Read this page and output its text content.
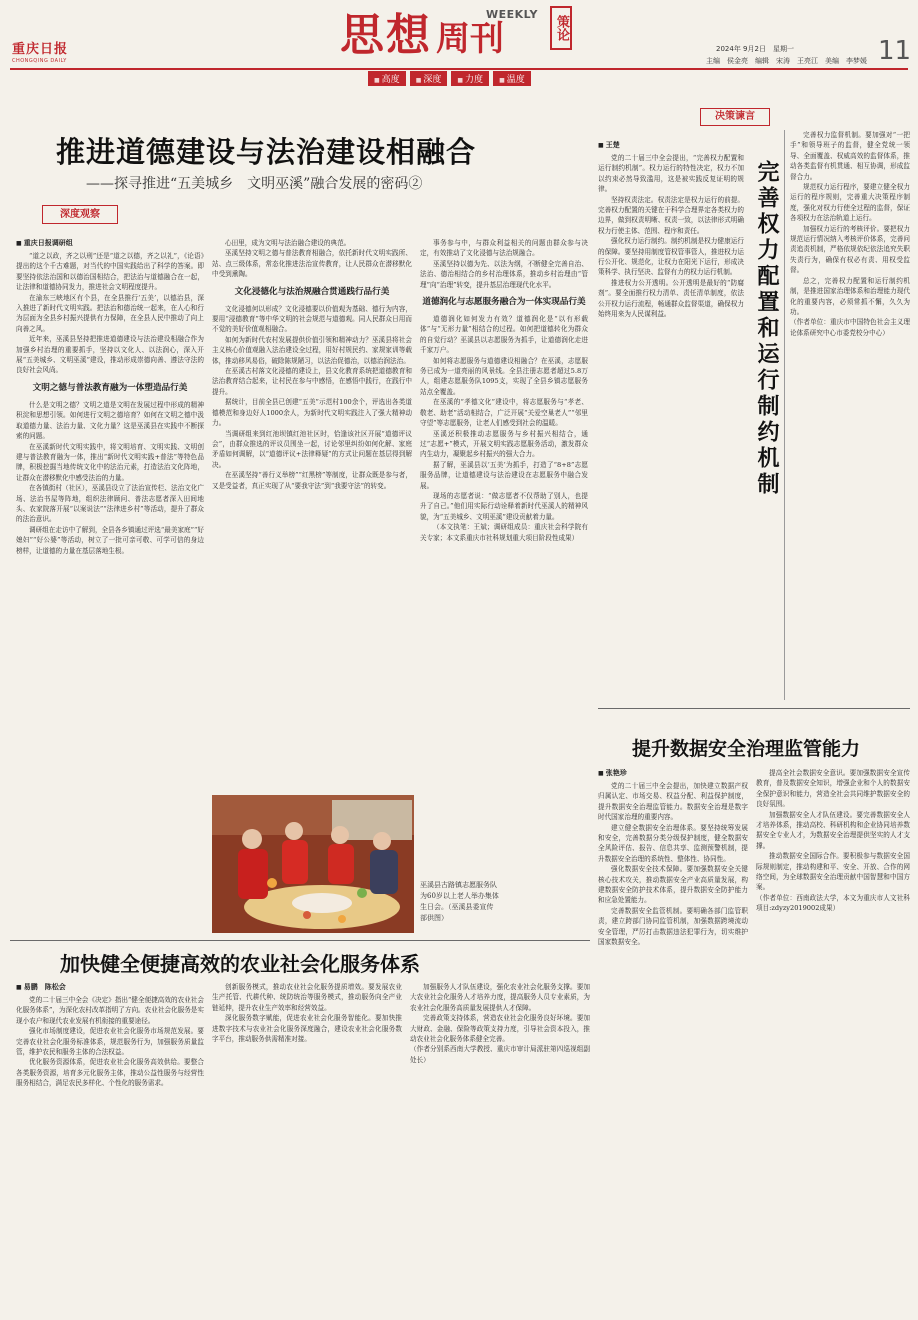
重庆日报
CHONGQING DAILY	思想 周刊
WEEKLY
策论
2024年 9月2日　星期一
主编　侯金亮　编辑　宋涛　王亮江　美编　李梦媛 11
■ 高度	■ 深度	■ 力度	■ 温度
推进道德建设与法治建设相融合
——探寻推进“五美城乡　文明巫溪”融合发展的密码②
深度观察
■ 重庆日报调研组

“道之以政，齐之以刑”还是“道之以德，齐之以礼”，《论语》提出的这个千古难题，对当代的中国实践给出了科学的答案。即要坚持依法治国和以德治国相结合，把法治与道德融合在一起，让法律和道德协同发力，推进社会文明程度提升。

在渝东三峡地区有个县，在全县推行‘五美’，以德治县，深入推进了新时代文明实践。把法治和德治统一起来，在人心和行为层面为全县乡村振兴提供有力保障，在全县人民中推动了向上向善之风。

近年来，巫溪县坚持把推进道德建设与法治建设相融合作为加强乡村治理的重要抓手，坚持以文化人、以法润心，深入开展“五美城乡、文明巫溪”建设，推动形成崇德向善、遵法守法的良好社会风尚。

文明之德与普法教育融为一体塑造品行美

什么是文明之德？文明之道是文明在发展过程中形成的精神积淀和思想引领。如何进行文明之德培育？如何在文明之德中汲取道德力量、法治力量、文化力量？这是巫溪县在实践中不断探索的问题。

在巫溪新时代文明实践中，将文明培育、文明实践、文明创建与普法教育融为一体，推出“新时代文明实践+普法”等特色品牌，积极挖掘当地传统文化中的法治元素，打造法治文化阵地，让群众在潜移默化中感受法治的力量。

在各镇街村（社区），巫溪县设立了法治宣传栏、法治文化广场、法治书屋等阵地，组织法律顾问、普法志愿者深入田间地头、农家院落开展“以案说法”“法律进乡村”等活动，提升了群众的法治意识。

调研组在走访中了解到，全县各乡镇通过评选“最美家庭”“好媳妇”“好公婆”等活动，树立了一批可亲可敬、可学可信的身边榜样，让道德的力量在基层落地生根。

心田里，成为文明与法治融合建设的典范。

巫溪坚持文明之德与普法教育相融合，依托新时代文明实践所、站、点三级体系，常态化推进法治宣传教育，让人民群众在潜移默化中受到熏陶。

文化浸德化与法治规融合贯通践行品行美

文化浸德何以形成？文化浸德要以价值观为基础、德行为内容，要用“浸德教育”等中华文明的社会规范与道德观。同人民群众日用而不觉的美好价值观相融合。

如何为新时代农村发展提供价值引领和精神动力？巫溪县将社会主义核心价值观融入法治建设全过程，用好村规民约、家规家训等载体，推动移风易俗，破除陈规陋习，以法治促德治，以德治润法治。

在巫溪古村落文化浸德的建设上，县文化教育系统把道德教育和法治教育结合起来，让村民在参与中感悟，在感悟中践行，在践行中提升。

据统计，目前全县已创建“五美”示范村100余个，评选出各类道德模范和身边好人1000余人，为新时代文明实践注入了强大精神动力。

当调研组来到红池坝镇红池社区时，恰逢该社区开展“道德评议会”，由群众推选的评议员围坐一起，讨论邻里纠纷如何化解、家庭矛盾如何调解，以“道德评议+法律释疑”的方式让问题在基层得到解决。

在巫溪坚持“善行义举榜”“红黑榜”等制度，让群众既是参与者，又是受益者，真正实现了从“要我守法”到“我要守法”的转变。

巫溪县古路镇志愿服务队为60岁以上老人举办集体生日会。（巫溪县委宣传部供图）

事务参与中，与群众利益相关的问题由群众参与决定，有效推动了文化浸德与法治规融合。

巫溪坚持以德为先、以法为纲，不断健全完善自治、法治、德治相结合的乡村治理体系，推动乡村治理由“管理”向“治理”转变，提升基层治理现代化水平。

道德润化与志愿服务融合为一体实现品行美

道德润化如何发力有效？道德润化是“以有形载体”与“无形力量”相结合的过程。如何把道德转化为群众的自觉行动？巫溪县以志愿服务为抓手，让道德润化走进千家万户。

如何将志愿服务与道德建设相融合？在巫溪，志愿服务已成为一道亮丽的风景线。全县注册志愿者超过5.8万人，组建志愿服务队1095支，实现了全县乡镇志愿服务站点全覆盖。

在巫溪的“孝德文化”建设中，将志愿服务与“孝老、敬老、助老”活动相结合，广泛开展“关爱空巢老人”“邻里守望”等志愿服务，让老人们感受到社会的温暖。

巫溪还积极推动志愿服务与乡村振兴相结合，通过“志愿+”模式，开展文明实践志愿服务活动，激发群众内生动力，凝聚起乡村振兴的强大合力。

据了解，巫溪县以‘五美’为抓手，打造了“8+8”志愿服务品牌，让道德建设与法治建设在志愿服务中融合发展。

现场的志愿者说：“做志愿者不仅帮助了别人，也提升了自己。”他们用实际行动诠释着新时代巫溪人的精神风貌，为“五美城乡、文明巫溪”建设贡献着力量。

（本文执笔：王斌；调研组成员：重庆社会科学院有关专家；本文系重庆市社科规划重大项目阶段性成果）

决策谏言
完善权力配置和运行制约机制
■ 王楚

党的二十届三中全会提出，“完善权力配置和运行制约机制”。权力运行的特性决定，权力不加以约束必然导致滥用，这是被实践反复证明的规律。

坚持权责法定。权责法定是权力运行的前提。完善权力配置的关键在于科学合理界定各类权力的边界，做到权责明晰、权责一致，以法律形式明确权力行使主体、范围、程序和责任。

强化权力运行制约。制约机制是权力健康运行的保障。要坚持用制度管权管事管人，推进权力运行公开化、规范化，让权力在阳光下运行，形成决策科学、执行坚决、监督有力的权力运行机制。

推进权力公开透明。公开透明是最好的“防腐剂”。要全面推行权力清单、责任清单制度，依法公开权力运行流程，畅通群众监督渠道，确保权力始终用来为人民谋利益。

完善权力监督机制。要加强对“一把手”和领导班子的监督，健全党统一领导、全面覆盖、权威高效的监督体系，推动各类监督有机贯通、相互协调，形成监督合力。

规范权力运行程序，要建立健全权力运行的程序规则，完善重大决策程序制度，强化对权力行使全过程的监督，保证各项权力在法治轨道上运行。

加强权力运行的考核评价。要把权力规范运行情况纳入考核评价体系，完善问责追责机制，严格依规依纪依法追究失职失责行为，确保有权必有责、用权受监督。

总之，完善权力配置和运行制约机制，是推进国家治理体系和治理能力现代化的重要内容，必须常抓不懈，久久为功。

（作者单位：重庆市中国特色社会主义理论体系研究中心市委党校分中心）

提升数据安全治理监管能力
■ 张艳珍

党的二十届三中全会提出，加快建立数据产权归属认定、市场交易、权益分配、利益保护制度，提升数据安全治理监管能力。数据安全治理是数字时代国家治理的重要内容。

建立健全数据安全治理体系。要坚持统筹发展和安全，完善数据分类分级保护制度，健全数据安全风险评估、报告、信息共享、监测预警机制，提升数据安全治理的系统性、整体性、协同性。

强化数据安全技术保障。要加强数据安全关键核心技术攻关，推动数据安全产业高质量发展，构建数据安全防护技术体系，提升数据安全防护能力和应急处置能力。

完善数据安全监管机制。要明确各部门监管职责，建立跨部门协同监管机制，加强数据跨境流动安全管理，严厉打击数据违法犯罪行为，切实维护国家数据安全。

提高全社会数据安全意识。要加强数据安全宣传教育，普及数据安全知识，增强企业和个人的数据安全保护意识和能力，营造全社会共同维护数据安全的良好氛围。

加强数据安全人才队伍建设。要完善数据安全人才培养体系，推动高校、科研机构和企业协同培养数据安全专业人才，为数据安全治理提供坚实的人才支撑。

推动数据安全国际合作。要积极参与数据安全国际规则制定，推动构建和平、安全、开放、合作的网络空间，为全球数据安全治理贡献中国智慧和中国方案。

（作者单位：西南政法大学，本文为重庆市人文社科项目:zdyzy2019002成果）

加快健全便捷高效的农业社会化服务体系
■ 易鹏　陈松会

党的二十届三中全会《决定》指出“健全便捷高效的农业社会化服务体系”，为深化农村改革指明了方向。农业社会化服务是实现小农户和现代农业发展有机衔接的重要途径。

强化市场制度建设，促进农业社会化服务市场规范发展。要完善农业社会化服务标准体系，规范服务行为，加强服务质量监管，维护农民和服务主体的合法权益。

优化服务资源体系，促进农业社会化服务高效供给。要整合各类服务资源，培育多元化服务主体，推动公益性服务与经营性服务相结合，满足农民多样化、个性化的服务需求。

创新服务模式，推动农业社会化服务提质增效。要发展农业生产托管、代耕代种、统防统治等服务模式，推动服务向全产业链延伸，提升农业生产效率和经营效益。

深化服务数字赋能，促进农业社会化服务智能化。要加快推进数字技术与农业社会化服务深度融合，建设农业社会化服务数字平台，推动服务供需精准对接。

加强服务人才队伍建设，强化农业社会化服务支撑。要加大农业社会化服务人才培养力度，提高服务人员专业素质，为农业社会化服务高质量发展提供人才保障。

完善政策支持体系，营造农业社会化服务良好环境。要加大财政、金融、保险等政策支持力度，引导社会资本投入，推动农业社会化服务体系健全完善。

（作者分别系西南大学教授、重庆市审计局派驻第四巡视组副处长）
